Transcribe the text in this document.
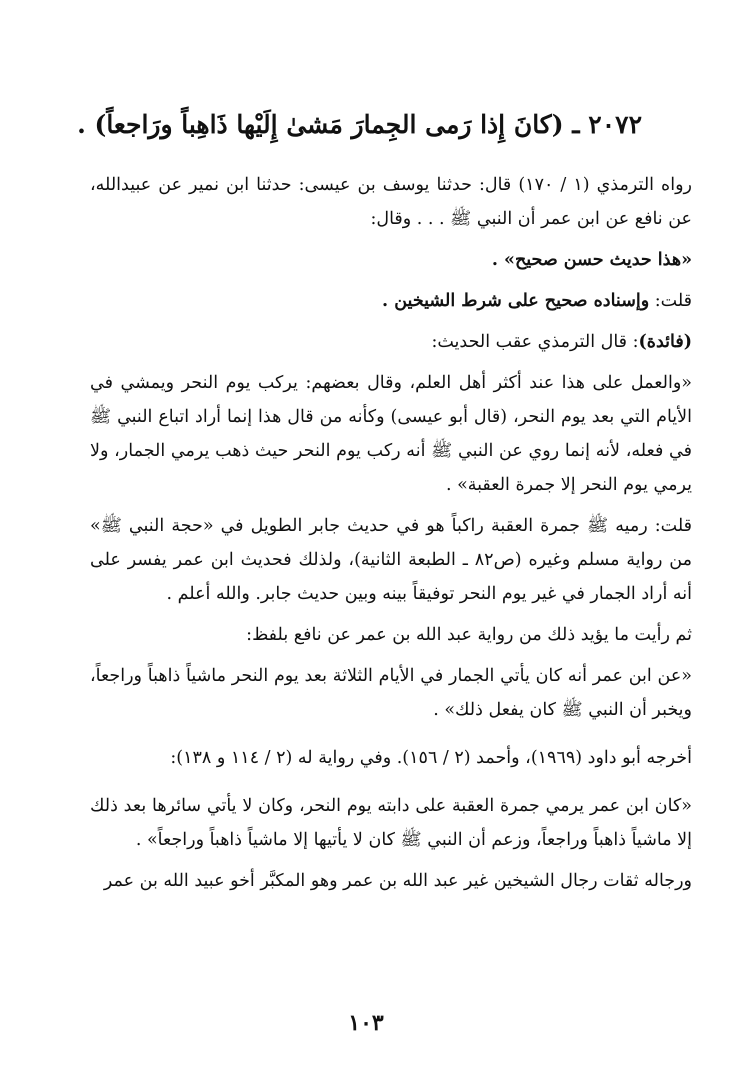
٢٠٧٢ ـ (كانَ إِذا رَمى الجِمارَ مَشىٰ إِلَيْها ذَاهِباً ورَاجعاً) .

رواه الترمذي (١ / ١٧٠) قال: حدثنا يوسف بن عيسى: حدثنا ابن نمير عن عبيدالله، عن نافع عن ابن عمر أن النبي ﷺ . . . وقال:

«هذا حديث حسن صحيح» .

قلت: وإسناده صحيح على شرط الشيخين .

(فائدة): قال الترمذي عقب الحديث:

«والعمل على هذا عند أكثر أهل العلم، وقال بعضهم: يركب يوم النحر ويمشي في الأيام التي بعد يوم النحر، (قال أبو عيسى) وكأنه من قال هذا إنما أراد اتباع النبي ﷺ في فعله، لأنه إنما روي عن النبي ﷺ أنه ركب يوم النحر حيث ذهب يرمي الجمار، ولا يرمي يوم النحر إلا جمرة العقبة» .

قلت: رميه ﷺ جمرة العقبة راكباً هو في حديث جابر الطويل في «حجة النبي ﷺ» من رواية مسلم وغيره (ص٨٢ ـ الطبعة الثانية)، ولذلك فحديث ابن عمر يفسر على أنه أراد الجمار في غير يوم النحر توفيقاً بينه وبين حديث جابر. والله أعلم .

ثم رأيت ما يؤيد ذلك من رواية عبد الله بن عمر عن نافع بلفظ:

«عن ابن عمر أنه كان يأتي الجمار في الأيام الثلاثة بعد يوم النحر ماشياً ذاهباً وراجعاً، ويخبر أن النبي ﷺ كان يفعل ذلك» .

أخرجه أبو داود (١٩٦٩)، وأحمد (٢ / ١٥٦). وفي رواية له (٢ / ١١٤ و ١٣٨):

«كان ابن عمر يرمي جمرة العقبة على دابته يوم النحر، وكان لا يأتي سائرها بعد ذلك إلا ماشياً ذاهباً وراجعاً، وزعم أن النبي ﷺ كان لا يأتيها إلا ماشياً ذاهباً وراجعاً» .

ورجاله ثقات رجال الشيخين غير عبد الله بن عمر وهو المكبَّر أخو عبيد الله بن عمر

١٠٣
